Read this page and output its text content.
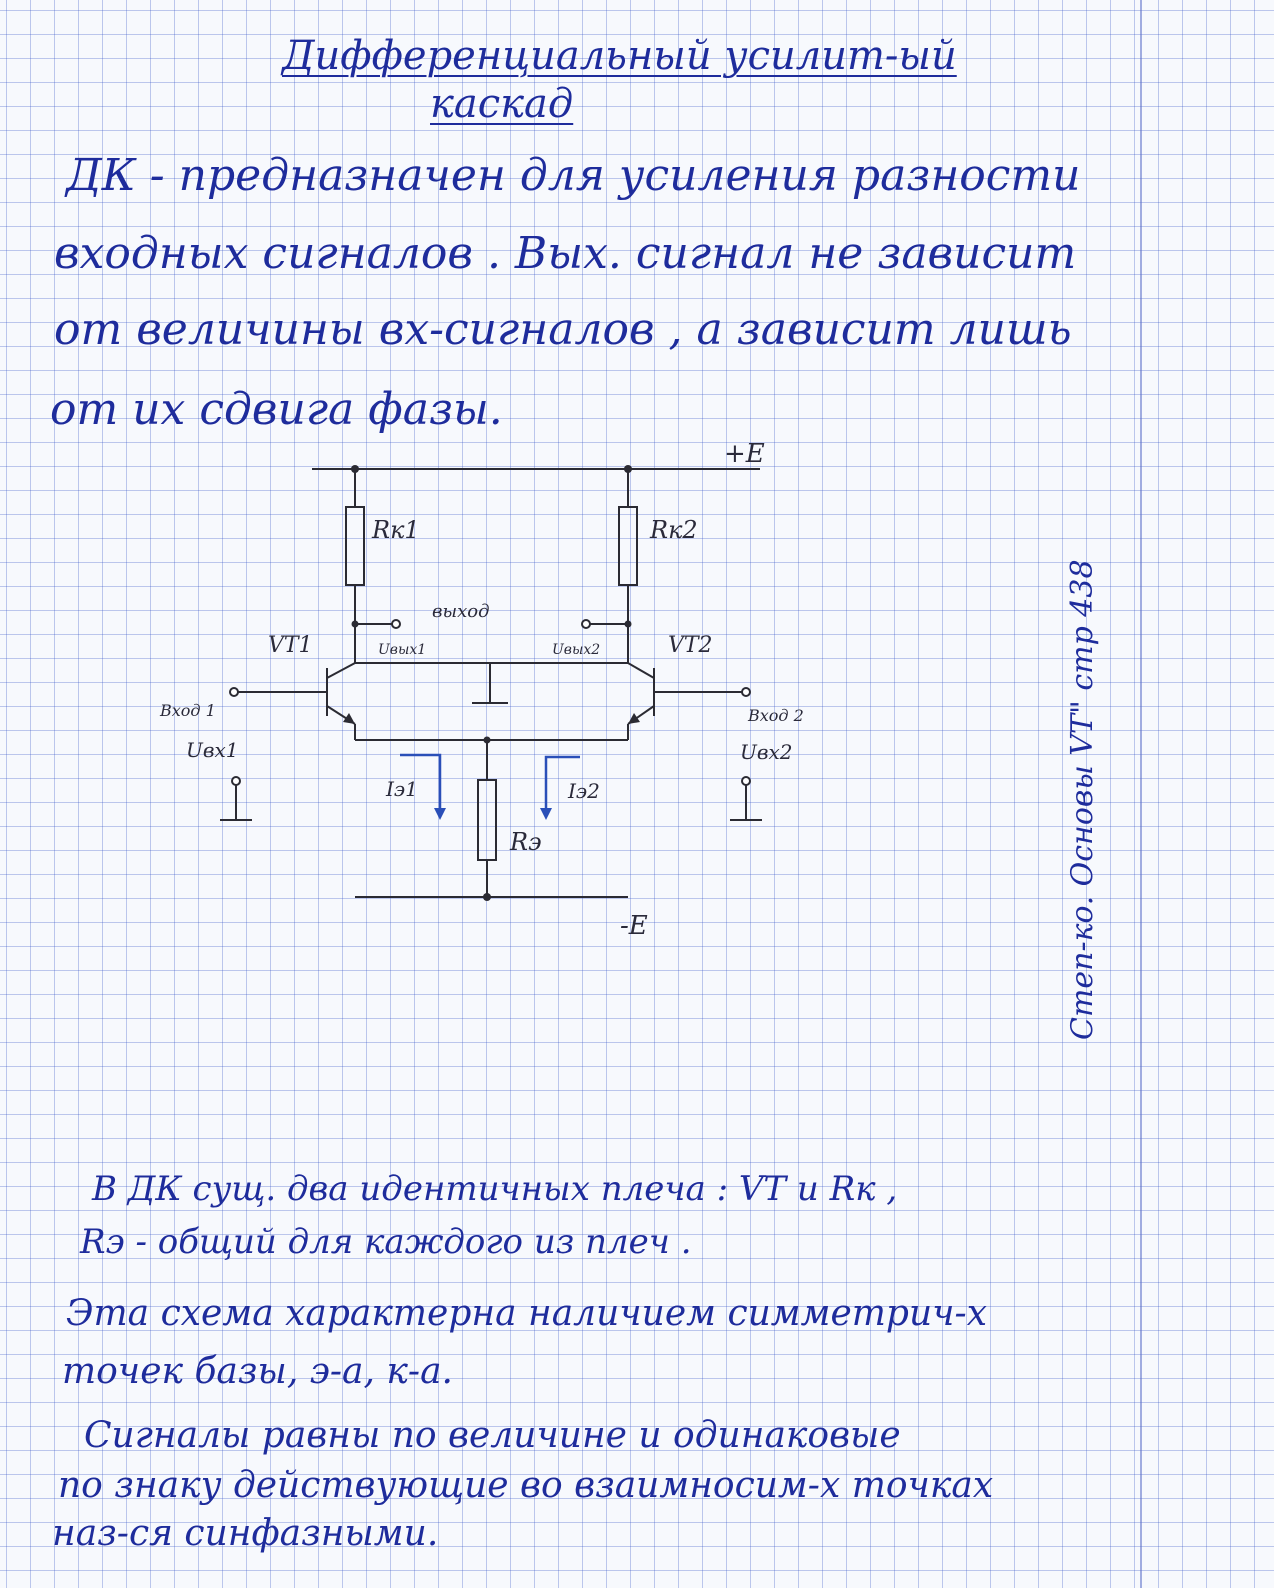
Дифференциальный усилит-ый

каскад

ДК - предназначен для усиления разности

входных сигналов . Вых. сигнал не зависит

от величины вх-сигналов , а зависит лишь

от их сдвига фазы.

Степ-ко. Основы VT" стр 438
+E
-E
Rк1	Rк2
Rэ
VT1	VT2
выход
Uвых1	Uвых2
Вход 1	Вход 2
Uвх1	Uвх2
Iэ1	Iэ2

В ДК сущ. два идентичных плеча : VT и Rк ,

Rэ - общий для каждого из плеч .

Эта схема характерна наличием симметрич-х

точек базы, э-а, к-а.

Сигналы равны по величине и одинаковые

по знаку действующие во взаимносим-х точках

наз-ся синфазными.
